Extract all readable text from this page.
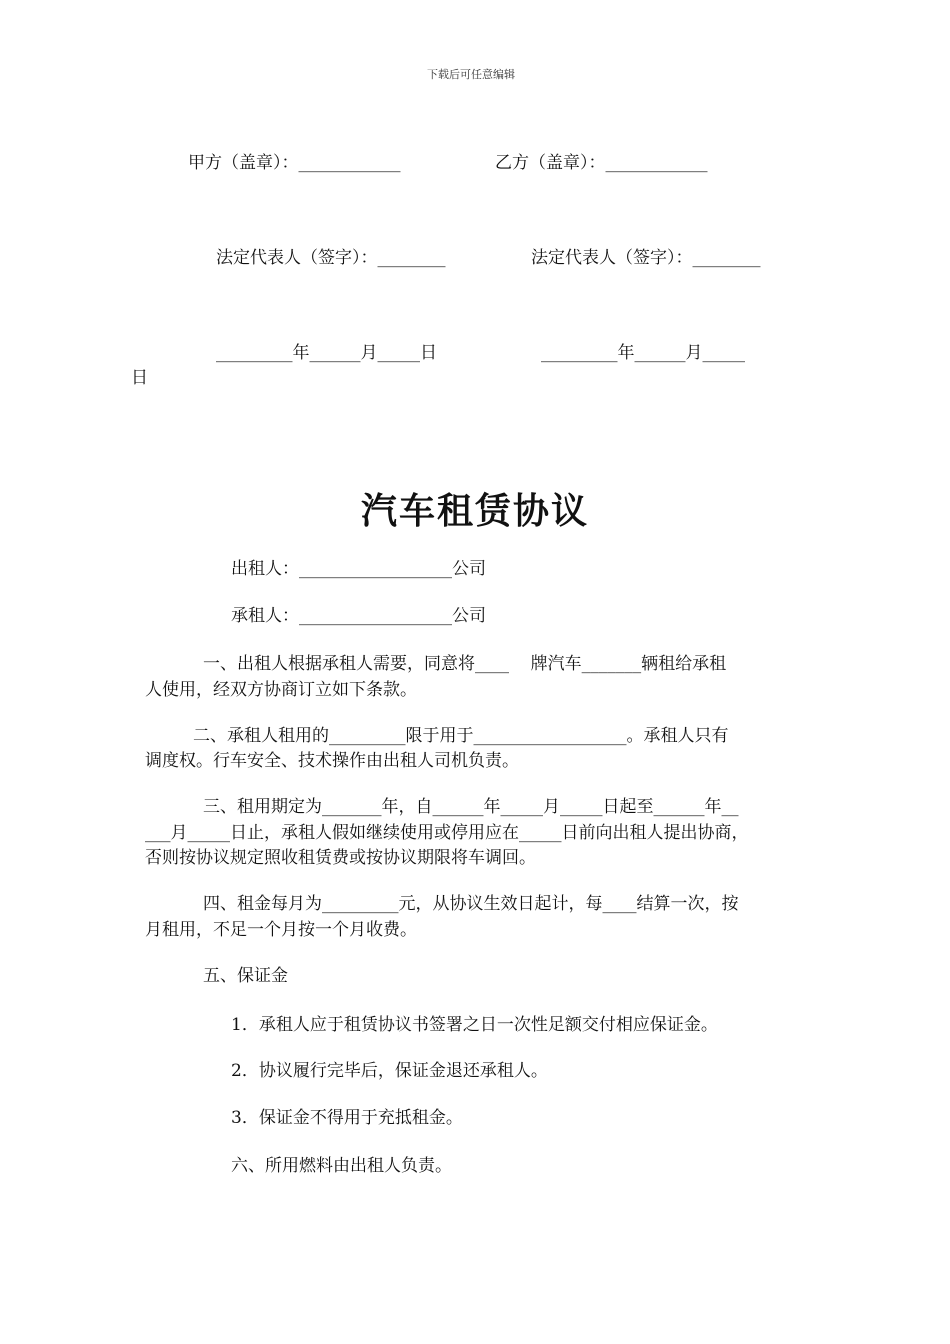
下载后可任意编辑
甲方（盖章）：____________	乙方（盖章）：____________
法定代表人（签字）：________	法定代表人（签字）：________
_________年______月_____日	_________年______月_____
日
汽车租赁协议
出租人：__________________公司
承租人：__________________公司
一、出租人根据承租人需要，同意将____    牌汽车_______辆租给承租
人使用，经双方协商订立如下条款。
二、承租人租用的_________限于用于__________________。承租人只有
调度权。行车安全、技术操作由出租人司机负责。
三、租用期定为_______年，自______年_____月_____日起至______年__
___月_____日止，承租人假如继续使用或停用应在_____日前向出租人提出协商，
否则按协议规定照收租赁费或按协议期限将车调回。
四、租金每月为_________元，从协议生效日起计，每____结算一次，按
月租用，不足一个月按一个月收费。
五、保证金
1．承租人应于租赁协议书签署之日一次性足额交付相应保证金。
2．协议履行完毕后，保证金退还承租人。
3．保证金不得用于充抵租金。
六、所用燃料由出租人负责。
